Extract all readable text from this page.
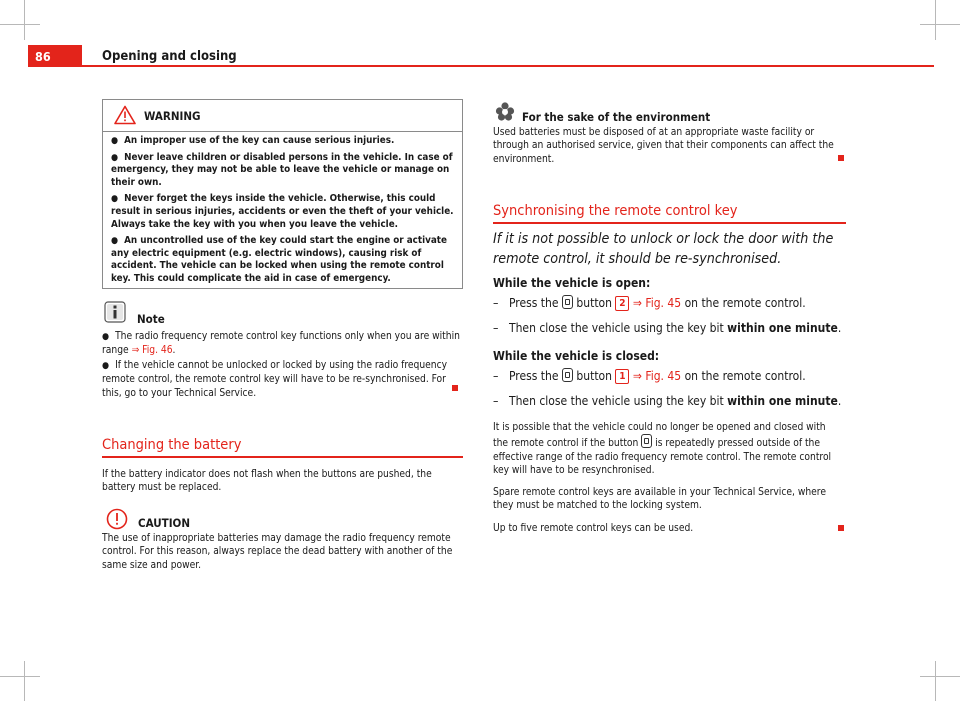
86	Opening and closing
WARNING

● An improper use of the key can cause serious injuries.

● Never leave children or disabled persons in the vehicle. In case of emergency, they may not be able to leave the vehicle or manage on their own.

● Never forget the keys inside the vehicle. Otherwise, this could result in serious injuries, accidents or even the theft of your vehicle. Always take the key with you when you leave the vehicle.

● An uncontrolled use of the key could start the engine or activate any electric equipment (e.g. electric windows), causing risk of accident. The vehicle can be locked when using the remote control key. This could complicate the aid in case of emergency.

Note
● The radio frequency remote control key functions only when you are within range ⇒ Fig. 46.
● If the vehicle cannot be unlocked or locked by using the radio frequency remote control, the remote control key will have to be re-synchronised. For this, go to your Technical Service.
Changing the battery
If the battery indicator does not flash when the buttons are pushed, the battery must be replaced.
CAUTION
The use of inappropriate batteries may damage the radio frequency remote control. For this reason, always replace the dead battery with another of the same size and power.
For the sake of the environment
Used batteries must be disposed of at an appropriate waste facility or through an authorised service, given that their components can affect the environment.
Synchronising the remote control key
If it is not possible to unlock or lock the door with the remote control, it should be re-synchronised.
While the vehicle is open:
– Press the button 2 ⇒ Fig. 45 on the remote control.
– Then close the vehicle using the key bit within one minute.
While the vehicle is closed:
– Press the button 1 ⇒ Fig. 45 on the remote control.
– Then close the vehicle using the key bit within one minute.
It is possible that the vehicle could no longer be opened and closed with the remote control if the button is repeatedly pressed outside of the effective range of the radio frequency remote control. The remote control key will have to be resynchronised.
Spare remote control keys are available in your Technical Service, where they must be matched to the locking system.
Up to five remote control keys can be used.
